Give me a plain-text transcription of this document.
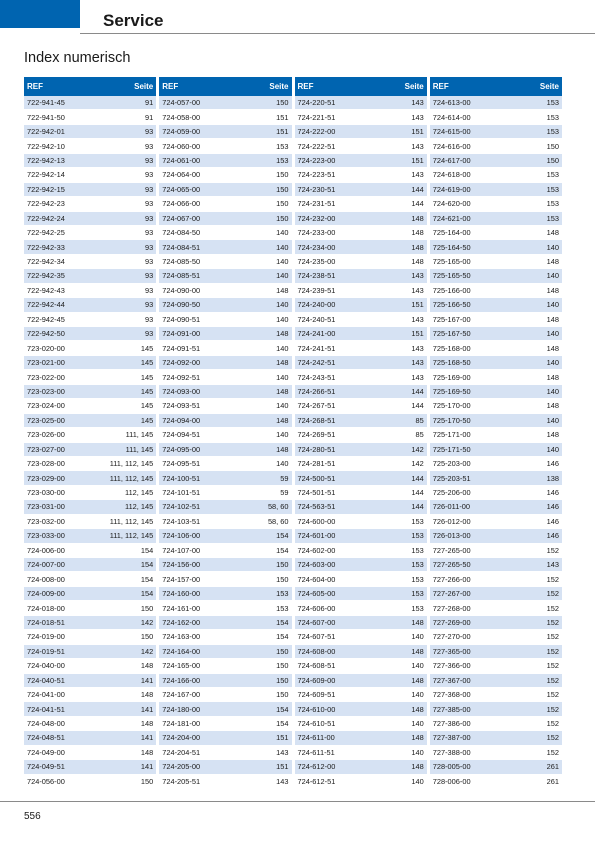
Service
Index numerisch
REF	Seite
722-941-45	91
722-941-50	91
722-942-01	93
722-942-10	93
722-942-13	93
722-942-14	93
722-942-15	93
722-942-23	93
722-942-24	93
722-942-25	93
722-942-33	93
722-942-34	93
722-942-35	93
722-942-43	93
722-942-44	93
722-942-45	93
722-942-50	93
723-020-00	145
723-021-00	145
723-022-00	145
723-023-00	145
723-024-00	145
723-025-00	145
723-026-00	111, 145
723-027-00	111, 145
723-028-00	111, 112, 145
723-029-00	111, 112, 145
723-030-00	112, 145
723-031-00	112, 145
723-032-00	111, 112, 145
723-033-00	111, 112, 145
724-006-00	154
724-007-00	154
724-008-00	154
724-009-00	154
724-018-00	150
724-018-51	142
724-019-00	150
724-019-51	142
724-040-00	148
724-040-51	141
724-041-00	148
724-041-51	141
724-048-00	148
724-048-51	141
724-049-00	148
724-049-51	141
724-056-00	150
REF	Seite
724-057-00	150
724-058-00	151
724-059-00	151
724-060-00	153
724-061-00	153
724-064-00	150
724-065-00	150
724-066-00	150
724-067-00	150
724-084-50	140
724-084-51	140
724-085-50	140
724-085-51	140
724-090-00	148
724-090-50	140
724-090-51	140
724-091-00	148
724-091-51	140
724-092-00	148
724-092-51	140
724-093-00	148
724-093-51	140
724-094-00	148
724-094-51	140
724-095-00	148
724-095-51	140
724-100-51	59
724-101-51	59
724-102-51	58, 60
724-103-51	58, 60
724-106-00	154
724-107-00	154
724-156-00	150
724-157-00	150
724-160-00	153
724-161-00	153
724-162-00	154
724-163-00	154
724-164-00	150
724-165-00	150
724-166-00	150
724-167-00	150
724-180-00	154
724-181-00	154
724-204-00	151
724-204-51	143
724-205-00	151
724-205-51	143
REF	Seite
724-220-51	143
724-221-51	143
724-222-00	151
724-222-51	143
724-223-00	151
724-223-51	143
724-230-51	144
724-231-51	144
724-232-00	148
724-233-00	148
724-234-00	148
724-235-00	148
724-238-51	143
724-239-51	143
724-240-00	151
724-240-51	143
724-241-00	151
724-241-51	143
724-242-51	143
724-243-51	143
724-266-51	144
724-267-51	144
724-268-51	85
724-269-51	85
724-280-51	142
724-281-51	142
724-500-51	144
724-501-51	144
724-563-51	144
724-600-00	153
724-601-00	153
724-602-00	153
724-603-00	153
724-604-00	153
724-605-00	153
724-606-00	153
724-607-00	148
724-607-51	140
724-608-00	148
724-608-51	140
724-609-00	148
724-609-51	140
724-610-00	148
724-610-51	140
724-611-00	148
724-611-51	140
724-612-00	148
724-612-51	140
REF	Seite
724-613-00	153
724-614-00	153
724-615-00	153
724-616-00	150
724-617-00	150
724-618-00	153
724-619-00	153
724-620-00	153
724-621-00	153
725-164-00	148
725-164-50	140
725-165-00	148
725-165-50	140
725-166-00	148
725-166-50	140
725-167-00	148
725-167-50	140
725-168-00	148
725-168-50	140
725-169-00	148
725-169-50	140
725-170-00	148
725-170-50	140
725-171-00	148
725-171-50	140
725-203-00	146
725-203-51	138
725-206-00	146
726-011-00	146
726-012-00	146
726-013-00	146
727-265-00	152
727-265-50	143
727-266-00	152
727-267-00	152
727-268-00	152
727-269-00	152
727-270-00	152
727-365-00	152
727-366-00	152
727-367-00	152
727-368-00	152
727-385-00	152
727-386-00	152
727-387-00	152
727-388-00	152
728-005-00	261
728-006-00	261
556
